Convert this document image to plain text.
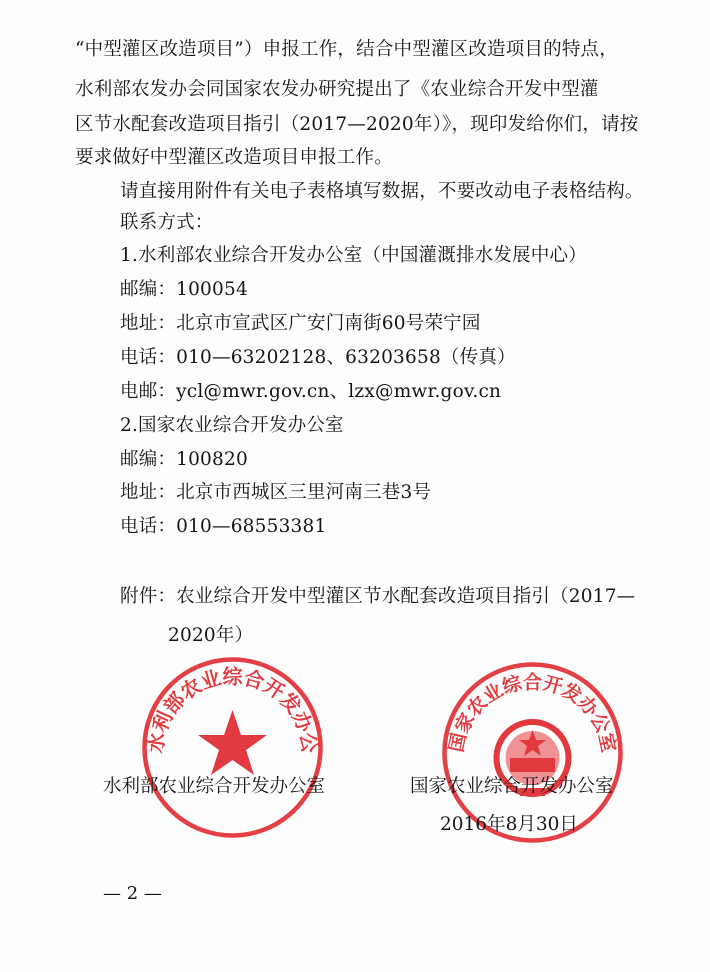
“中型灌区改造项目”）申报工作，结合中型灌区改造项目的特点，
水利部农发办会同国家农发办研究提出了《农业综合开发中型灌
区节水配套改造项目指引（2017—2020年）》，现印发给你们，请按
要求做好中型灌区改造项目申报工作。
请直接用附件有关电子表格填写数据，不要改动电子表格结构。
联系方式：
1.水利部农业综合开发办公室（中国灌溉排水发展中心）
邮编：100054
地址：北京市宣武区广安门南街60号荣宁园
电话：010—63202128、63203658（传真）
电邮：ycl@mwr.gov.cn、lzx@mwr.gov.cn
2.国家农业综合开发办公室
邮编：100820
地址：北京市西城区三里河南三巷3号
电话：010—68553381
附件：农业综合开发中型灌区节水配套改造项目指引（2017—
2020年）
水利部农业综合开发办公	国家农业综合开发办公室
水利部农业综合开发办公室	国家农业综合开发办公室
2016年8月30日
— 2 —
